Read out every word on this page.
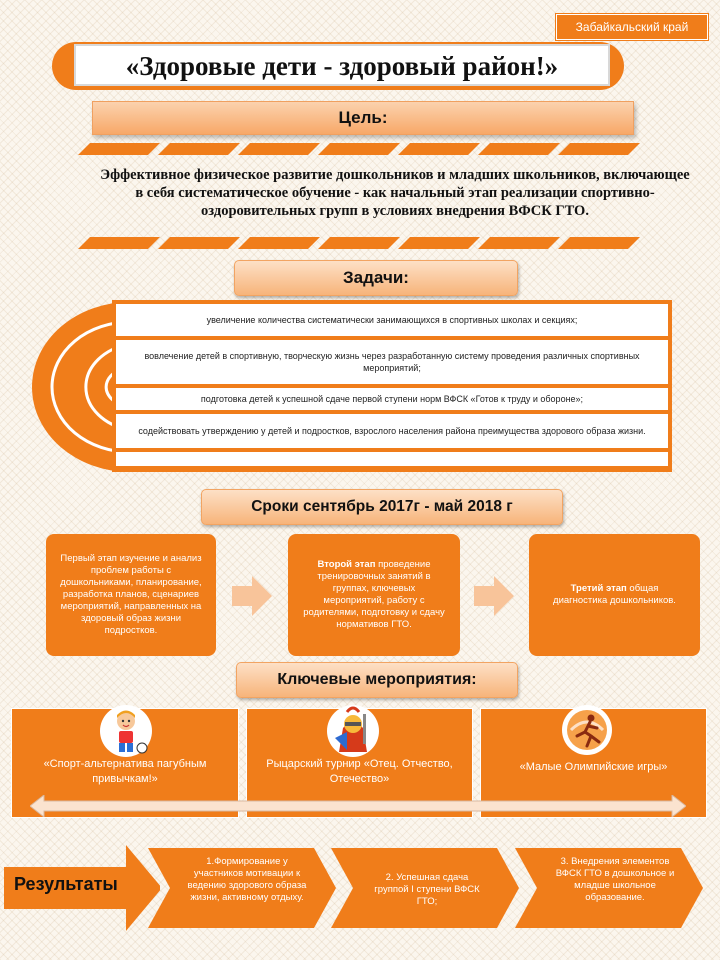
Забайкальский край
«Здоровые дети - здоровый район!»
Цель:
Эффективное физическое развитие дошкольников и младших школьников, включающее в себя систематическое обучение - как начальный этап реализации спортивно-оздоровительных групп в условиях внедрения ВФСК ГТО.
Задачи:
увеличение количества систематически занимающихся в спортивных школах и секциях;
вовлечение детей в спортивную, творческую жизнь через разработанную систему проведения различных спортивных мероприятий;
подготовка детей к успешной сдаче первой ступени норм ВФСК «Готов к труду и обороне»;
содействовать утверждению у детей и подростков, взрослого населения района преимущества здорового образа жизни.
Сроки сентябрь 2017г - май 2018 г
Первый этап изучение и анализ проблем работы с дошкольниками, планирование, разработка планов, сценариев мероприятий, направленных на здоровый образ жизни подростков.
Второй этап проведение тренировочных занятий в группах, ключевых мероприятий, работу с родителями, подготовку и сдачу нормативов ГТО.
Третий этап общая диагностика дошкольников.
Ключевые мероприятия:
«Спорт-альтернатива пагубным привычкам!»
Рыцарский турнир «Отец. Отчество, Отечество»
«Малые Олимпийские игры»
Результаты
1.Формирование у участников мотивации к ведению здорового образа жизни, активному отдыху.
2. Успешная сдача группой I ступени ВФСК ГТО;
3. Внедрения элементов ВФСК ГТО в дошкольное и младше школьное образование.
